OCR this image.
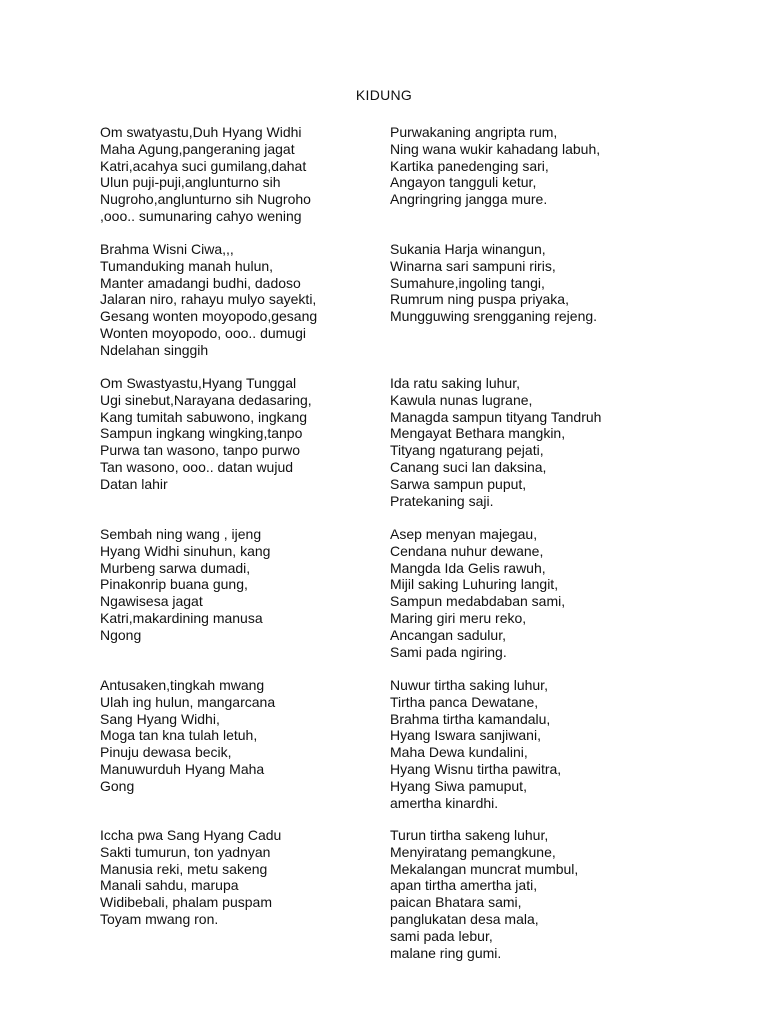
KIDUNG
Om swatyastu,Duh Hyang Widhi
Maha Agung,pangeraning jagat
Katri,acahya suci gumilang,dahat
Ulun puji-puji,anglunturno sih
Nugroho,anglunturno sih Nugroho
,ooo.. sumunaring cahyo wening
Brahma Wisni Ciwa,,,
Tumanduking manah hulun,
Manter amadangi budhi, dadoso
Jalaran niro, rahayu mulyo sayekti,
Gesang wonten moyopodo,gesang
Wonten moyopodo, ooo.. dumugi
Ndelahan singgih
Om Swastyastu,Hyang Tunggal
Ugi sinebut,Narayana dedasaring,
Kang tumitah sabuwono, ingkang
Sampun ingkang wingking,tanpo
Purwa tan wasono, tanpo purwo
Tan wasono, ooo.. datan wujud
Datan lahir
Sembah ning wang , ijeng
Hyang Widhi sinuhun, kang
Murbeng sarwa dumadi,
Pinakonrip buana gung,
Ngawisesa jagat
Katri,makardining manusa
Ngong
Antusaken,tingkah mwang
Ulah ing hulun, mangarcana
Sang Hyang Widhi,
Moga tan kna tulah letuh,
Pinuju dewasa becik,
Manuwurduh Hyang Maha
Gong
Iccha pwa Sang Hyang Cadu
Sakti tumurun, ton yadnyan
Manusia reki, metu sakeng
Manali sahdu, marupa
Widibebali, phalam puspam
Toyam mwang ron.
Purwakaning angripta rum,
Ning wana wukir kahadang labuh,
Kartika panedenging sari,
Angayon tangguli ketur,
Angringring jangga mure.
Sukania Harja winangun,
Winarna sari sampuni riris,
Sumahure,ingoling tangi,
Rumrum ning puspa priyaka,
Mungguwing srengganing rejeng.
Ida ratu saking luhur,
Kawula nunas lugrane,
Managda sampun tityang Tandruh
Mengayat Bethara mangkin,
Tityang ngaturang pejati,
Canang suci lan daksina,
Sarwa sampun puput,
Pratekaning saji.
Asep menyan majegau,
Cendana nuhur dewane,
Mangda Ida Gelis rawuh,
Mijil saking Luhuring langit,
Sampun medabdaban sami,
Maring giri meru reko,
Ancangan sadulur,
Sami pada ngiring.
Nuwur tirtha saking luhur,
Tirtha panca Dewatane,
Brahma tirtha kamandalu,
Hyang Iswara sanjiwani,
Maha Dewa kundalini,
Hyang Wisnu tirtha pawitra,
Hyang Siwa pamuput,
amertha kinardhi.
Turun tirtha sakeng luhur,
Menyiratang pemangkune,
Mekalangan muncrat mumbul,
apan tirtha amertha jati,
paican Bhatara sami,
panglukatan desa mala,
sami pada lebur,
malane ring gumi.
